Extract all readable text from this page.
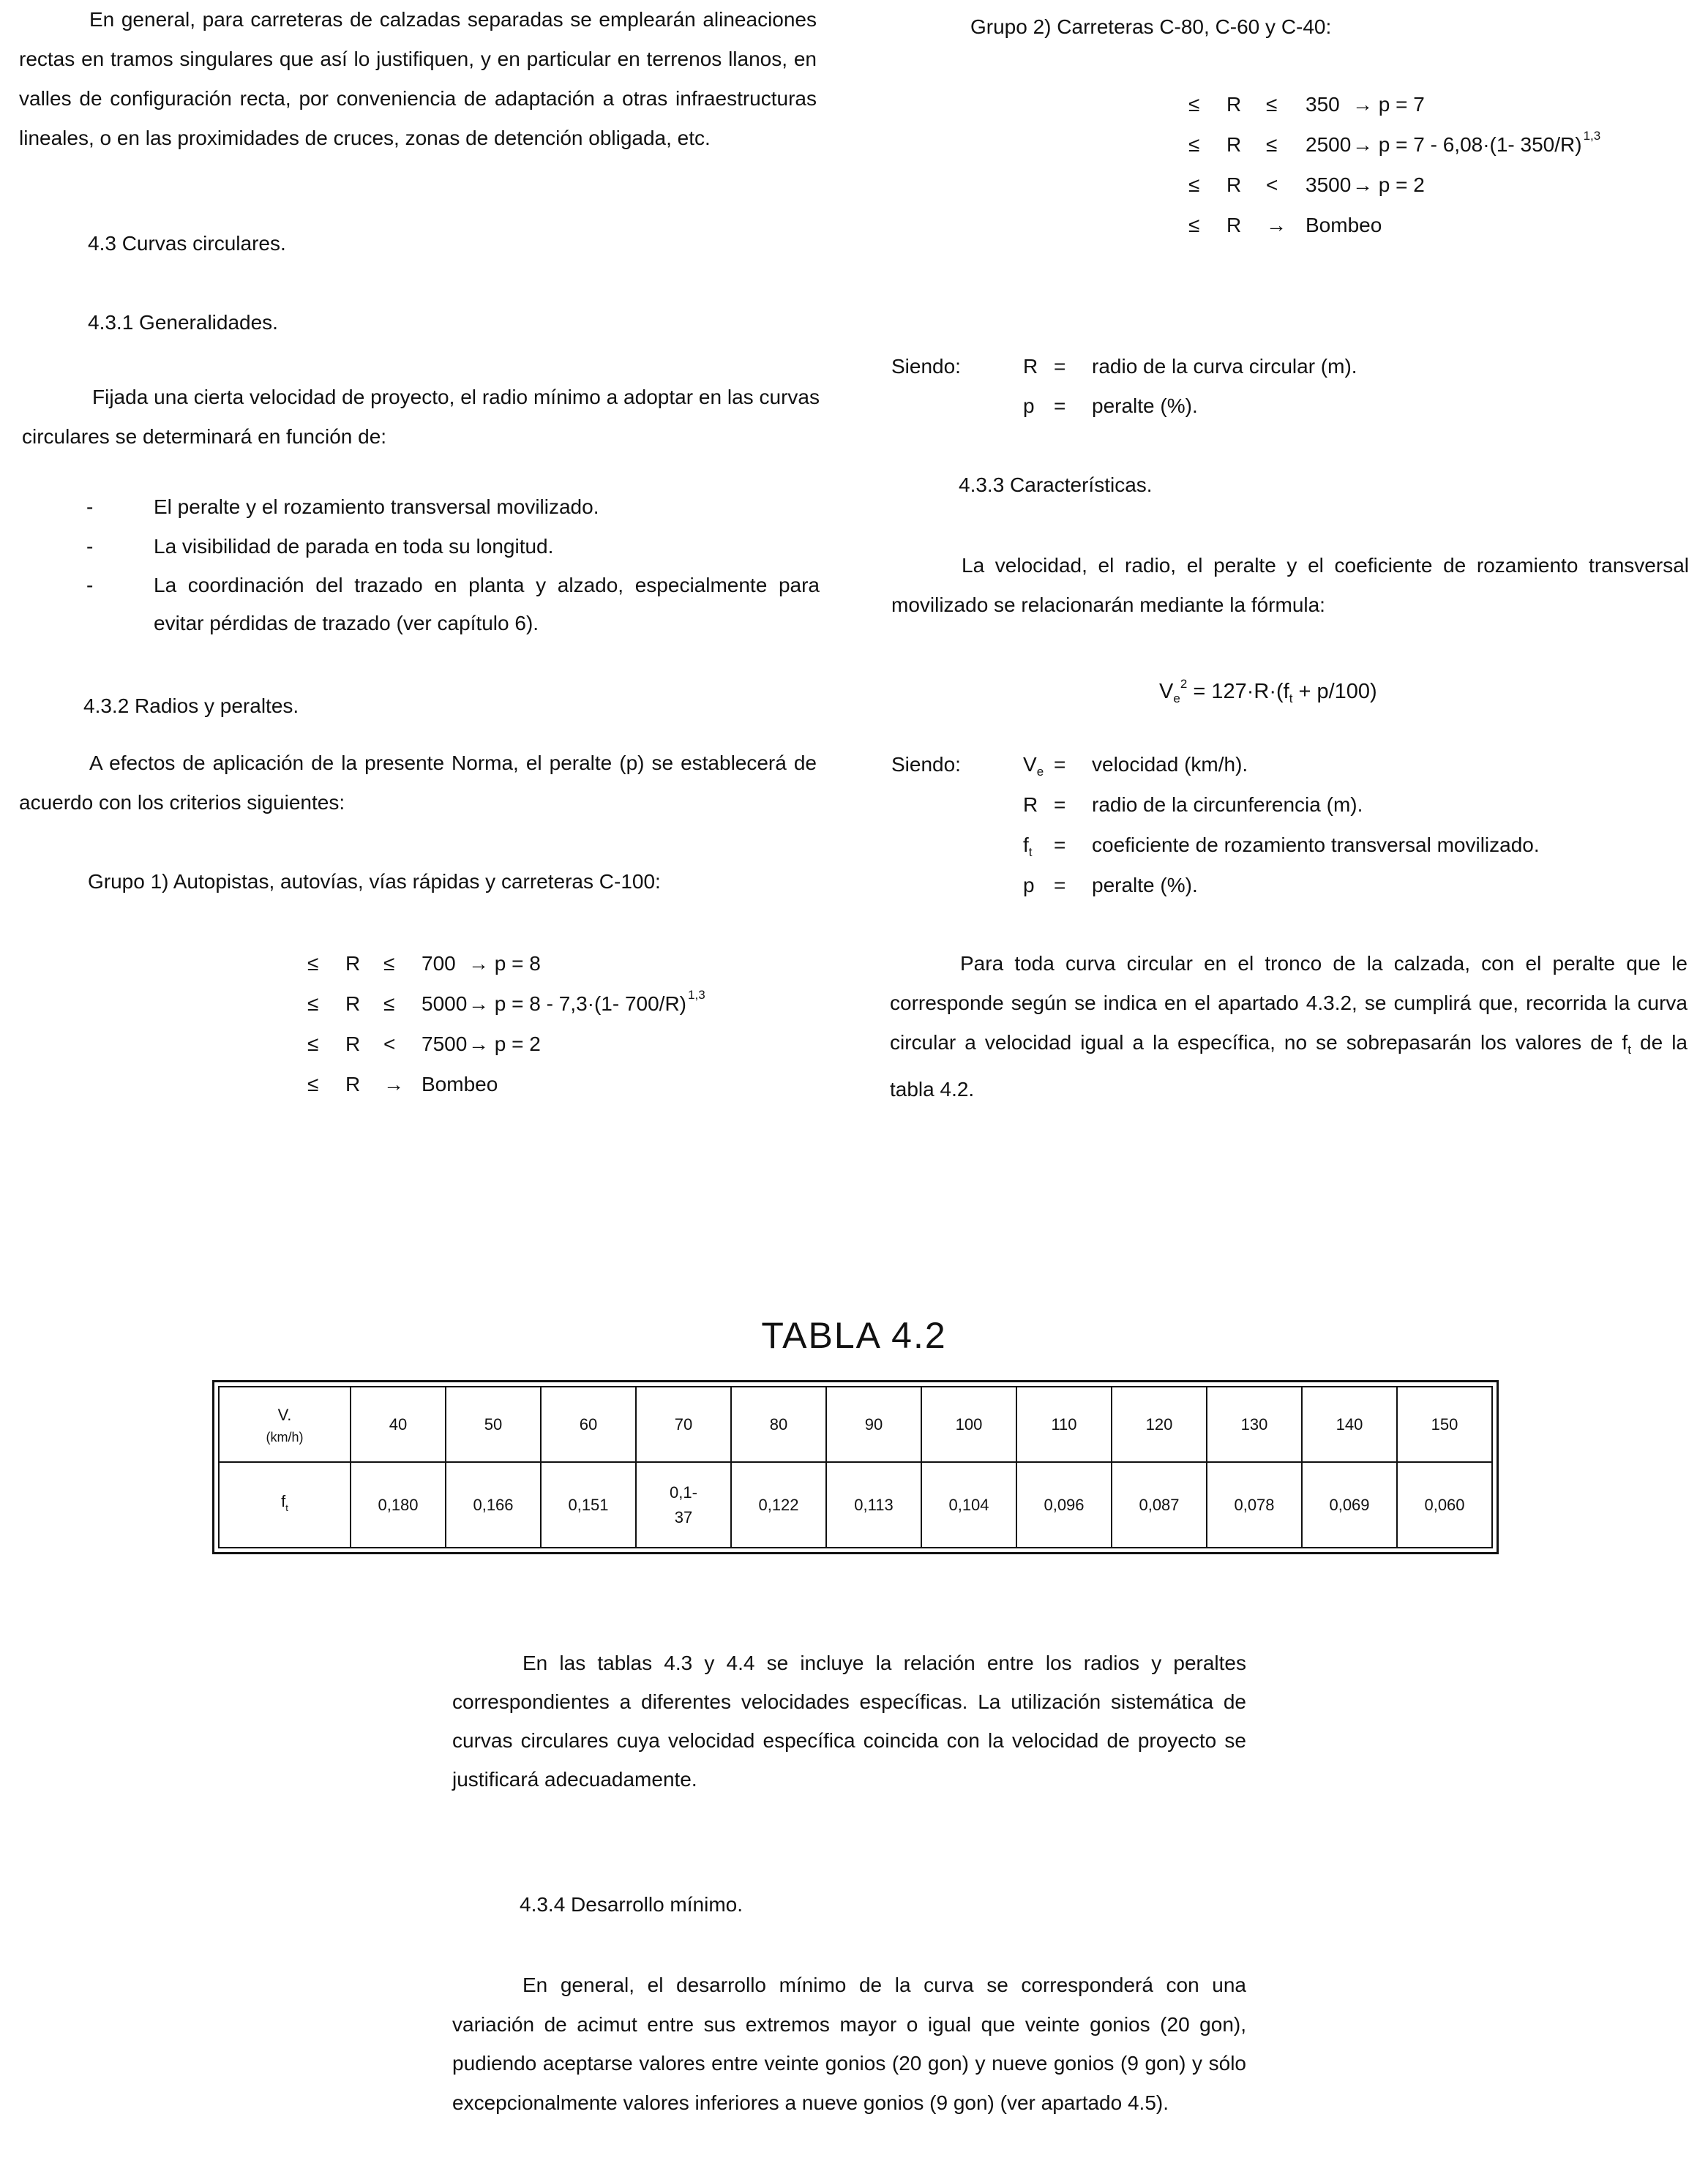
En general, para carreteras de calzadas separadas se emplearán alineaciones rectas en tramos singulares que así lo justifiquen, y en particular en terrenos llanos, en valles de configuración recta, por conveniencia de adaptación a otras infraestructuras lineales, o en las proximidades de cruces, zonas de detención obligada, etc.

4.3 Curvas circulares.
4.3.1 Generalidades.

Fijada una cierta velocidad de proyecto, el radio mínimo a adoptar en las curvas circulares se determinará en función de:

-	El peralte y el rozamiento transversal movilizado.
-	La visibilidad de parada en toda su longitud.
-	La coordinación del trazado en planta y alzado, especialmente para evitar pérdidas de trazado (ver capítulo 6).
4.3.2 Radios y peraltes.

A efectos de aplicación de la presente Norma, el peralte (p) se establecerá de acuerdo con los criterios siguientes:

Grupo 1) Autopistas, autovías, vías rápidas y carreteras C-100:
≤ R ≤ 700 → p = 8
≤ R ≤ 5000 → p = 8 - 7,3·(1- 700/R) 1,3
≤ R < 7500 → p = 2
≤ R → Bombeo
Grupo 2) Carreteras C-80, C-60 y C-40:
≤ R ≤ 350 → p = 7
≤ R ≤ 2500 → p = 7 - 6,08·(1- 350/R) 1,3
≤ R < 3500 → p = 2
≤ R → Bombeo
Siendo:	R = radio de la curva circular (m).
p = peralte (%).
4.3.3 Características.

La velocidad, el radio, el peralte y el coeficiente de rozamiento transversal movilizado se relacionarán mediante la fórmula:

$V_e^2 = 127\cdot R\cdot(f_t + p/100)$
Siendo:	$V_e$ = velocidad (km/h).
R = radio de la circunferencia (m).
$f_t$ = coeficiente de rozamiento transversal movilizado.
p = peralte (%).

Para toda curva circular en el tronco de la calzada, con el peralte que le corresponde según se indica en el apartado 4.3.2, se cumplirá que, recorrida la curva circular a velocidad igual a la específica, no se sobrepasarán los valores de $f_t$ de la tabla 4.2.

TABLA 4.2
V.
(km/h)	40	50	60	70	80	90	100	110	120	130	140	150
$f_t$	0,180	0,166	0,151	0,1-
37	0,122	0,113	0,104	0,096	0,087	0,078	0,069	0,060

En las tablas 4.3 y 4.4 se incluye la relación entre los radios y peraltes correspondientes a diferentes velocidades específicas. La utilización sistemática de curvas circulares cuya velocidad específica coincida con la velocidad de proyecto se justificará adecuadamente.

4.3.4 Desarrollo mínimo.

En general, el desarrollo mínimo de la curva se corresponderá con una variación de acimut entre sus extremos mayor o igual que veinte gonios (20 gon), pudiendo aceptarse valores entre veinte gonios (20 gon) y nueve gonios (9 gon) y sólo excepcionalmente valores inferiores a nueve gonios (9 gon) (ver apartado 4.5).
